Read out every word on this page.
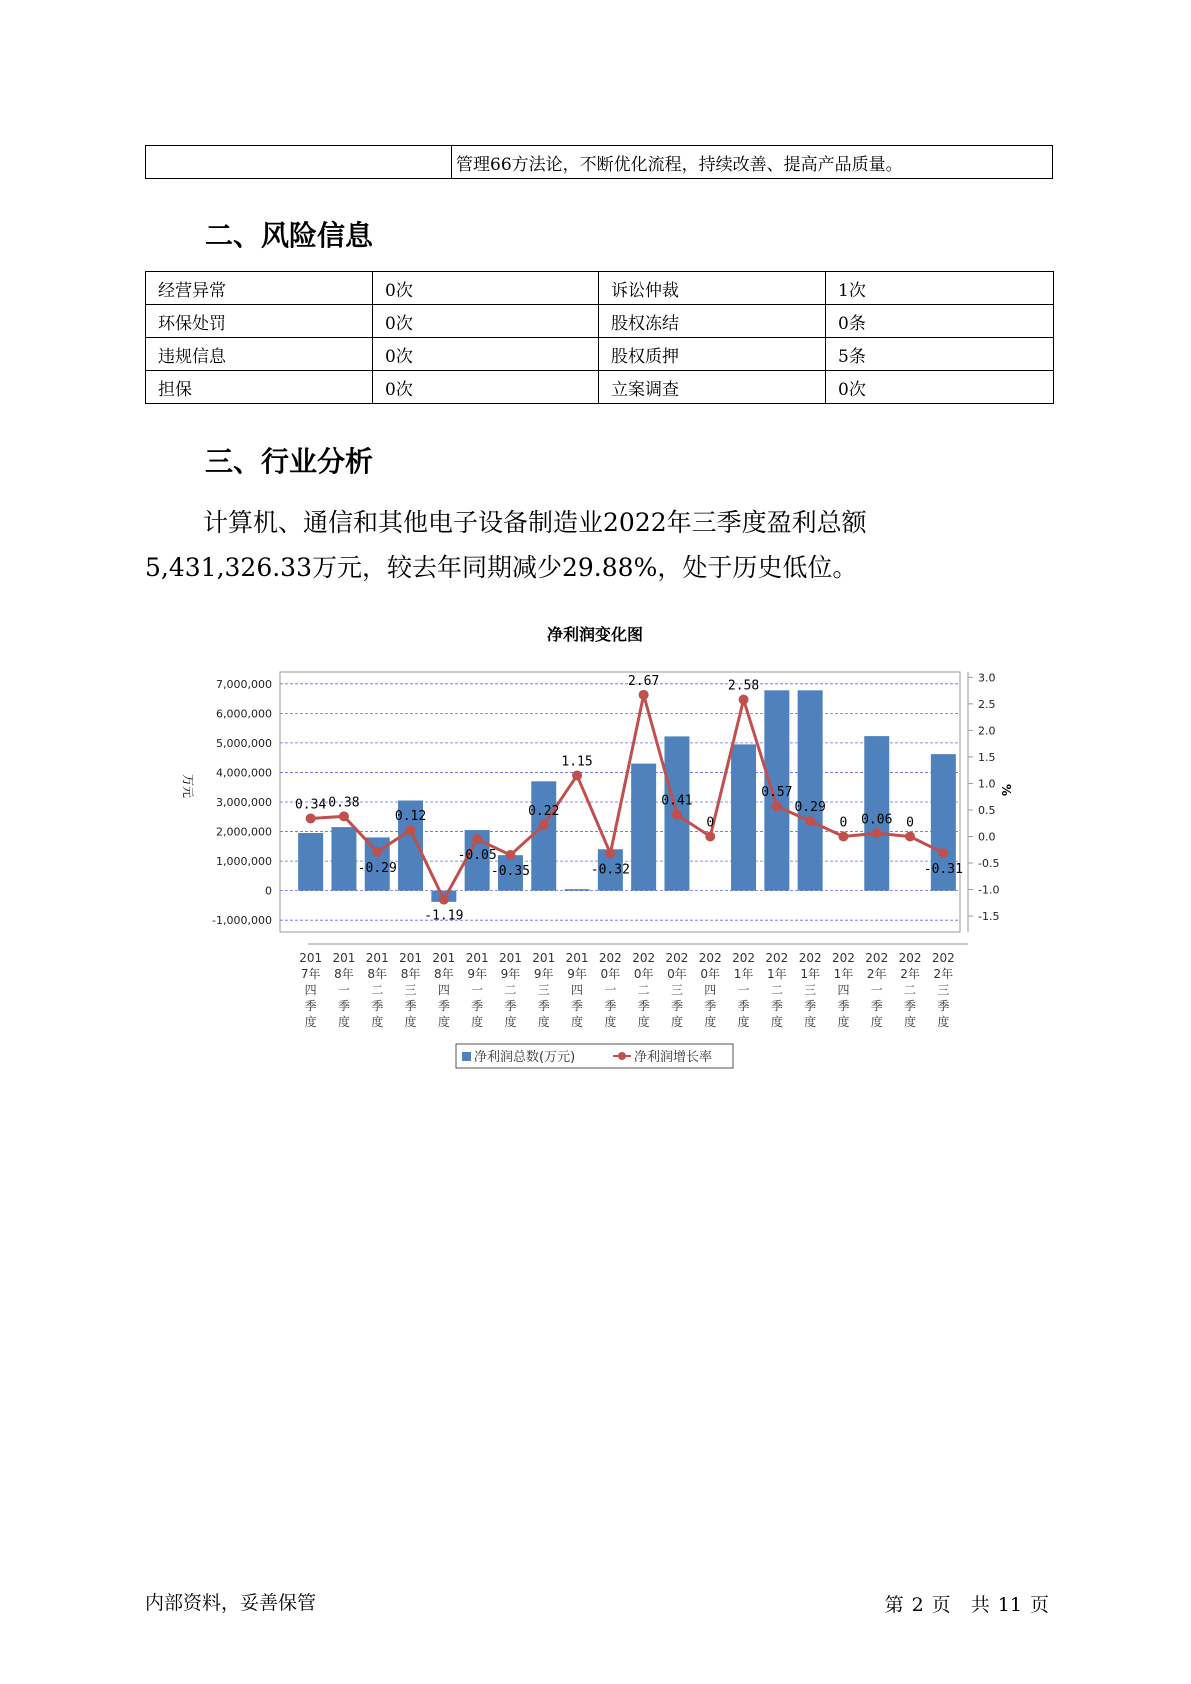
	管理66方法论，不断优化流程，持续改善、提高产品质量。
二、风险信息
经营异常	0次	诉讼仲裁	1次
环保处罚	0次	股权冻结	0条
违规信息	0次	股权质押	5条
担保	0次	立案调查	0次
三、行业分析

计算机、通信和其他电子设备制造业2022年三季度盈利总额
5,431,326.33万元，较去年同期减少29.88%，处于历史低位。

净利润变化图
7,000,000
6,000,000
5,000,000
4,000,000
3,000,000
2,000,000
1,000,000
0
-1,000,000
3.0
2.5
2.0
1.5
1.0
0.5
0.0
-0.5
-1.0
-1.5
万元	%
0.34 0.38
-0.29
0.12
-1.19
-0.05
-0.35
0.22
1.15
-0.32
2.67
0.41
0
2.58
0.57
0.29
0 0.06 0
-0.31
201
7年
四
季
度
201
8年
一
季
度
201
8年
二
季
度
201
8年
三
季
度
201
8年
四
季
度
201
9年
一
季
度
201
9年
二
季
度
201
9年
三
季
度
201
9年
四
季
度
202
0年
一
季
度
202
0年
二
季
度
202
0年
三
季
度
202
0年
四
季
度
202
1年
一
季
度
202
1年
二
季
度
202
1年
三
季
度
202
1年
四
季
度
202
2年
一
季
度
202
2年
二
季
度
202
2年
三
季
度
净利润总数(万元)	净利润增长率
内部资料，妥善保管	第 2 页 共 11 页
